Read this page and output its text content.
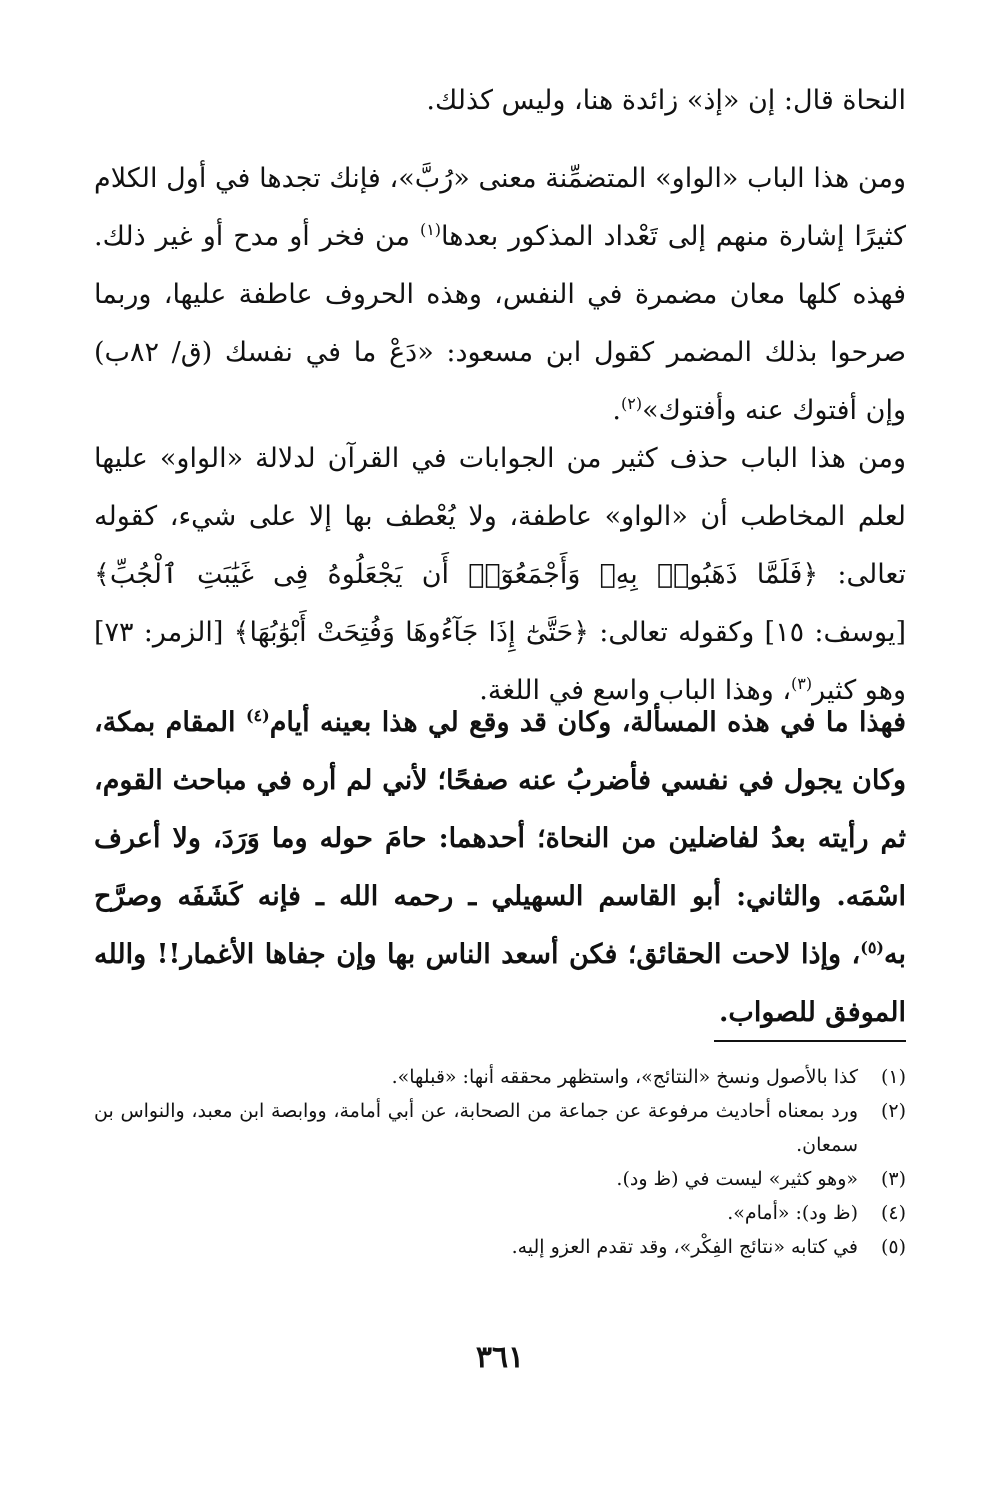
النحاة قال: إن «إذ» زائدة هنا، وليس كذلك.

ومن هذا الباب «الواو» المتضمِّنة معنى «رُبَّ»، فإنك تجدها في أول الكلام كثيرًا إشارة منهم إلى تَعْداد المذكور بعدها$^{(١)}$ من فخر أو مدح أو غير ذلك. فهذه كلها معان مضمرة في النفس، وهذه الحروف عاطفة عليها، وربما صرحوا بذلك المضمر كقول ابن مسعود: «دَعْ ما في نفسك (ق/ ٨٢ب) وإن أفتوك عنه وأفتوك»$^{(٢)}$.

ومن هذا الباب حذف كثير من الجوابات في القرآن لدلالة «الواو» عليها لعلم المخاطب أن «الواو» عاطفة، ولا يُعْطف بها إلا على شيء، كقوله تعالى: ﴿فَلَمَّا ذَهَبُوا۟ بِهِۦ وَأَجْمَعُوٓا۟ أَن يَجْعَلُوهُ فِى غَيَٰبَتِ ٱلْجُبِّ﴾ [يوسف: ١٥] وكقوله تعالى: ﴿حَتَّىٰٓ إِذَا جَآءُوهَا وَفُتِحَتْ أَبْوَٰبُهَا﴾ [الزمر: ٧٣] وهو كثير$^{(٣)}$، وهذا الباب واسع في اللغة.

فهذا ما في هذه المسألة، وكان قد وقع لي هذا بعينه أيام$^{(٤)}$ المقام بمكة، وكان يجول في نفسي فأضربُ عنه صفحًا؛ لأني لم أره في مباحث القوم، ثم رأيته بعدُ لفاضلين من النحاة؛ أحدهما: حامَ حوله وما وَرَدَ، ولا أعرف اسْمَه. والثاني: أبو القاسم السهيلي ـ رحمه الله ـ فإنه كَشَفَه وصرَّح به$^{(٥)}$، وإذا لاحت الحقائق؛ فكن أسعد الناس بها وإن جفاها الأغمار!! والله الموفق للصواب.

(١)
كذا بالأصول ونسخ «النتائج»، واستظهر محققه أنها: «قبلها».
(٢)
ورد بمعناه أحاديث مرفوعة عن جماعة من الصحابة، عن أبي أمامة، ووابصة ابن معبد، والنواس بن سمعان.
(٣)
«وهو كثير» ليست في (ظ ود).
(٤)
(ظ ود): «أمام».
(٥)
في كتابه «نتائج الفِكْر»، وقد تقدم العزو إليه.
٣٦١
